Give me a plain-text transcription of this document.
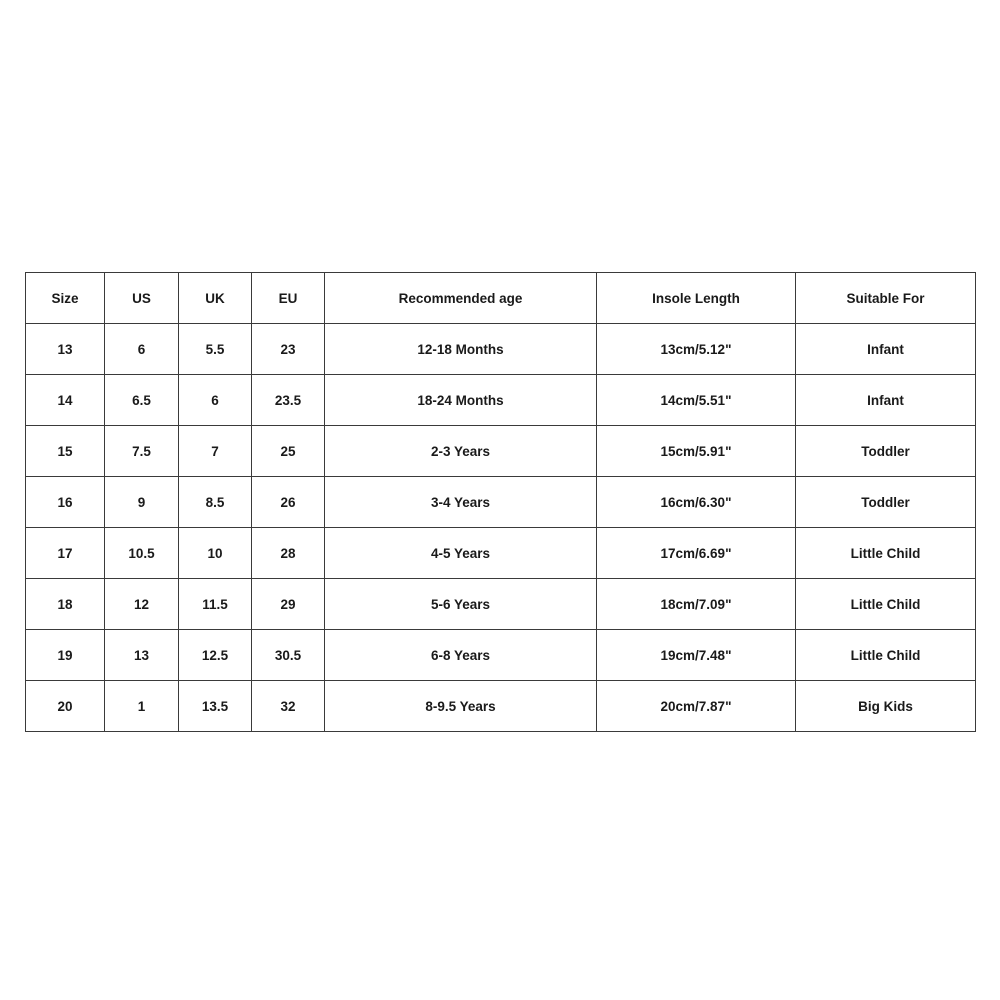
Size	US	UK	EU	Recommended age	Insole Length	Suitable For
13	6	5.5	23	12-18 Months	13cm/5.12"	Infant
14	6.5	6	23.5	18-24 Months	14cm/5.51"	Infant
15	7.5	7	25	2-3 Years	15cm/5.91"	Toddler
16	9	8.5	26	3-4 Years	16cm/6.30"	Toddler
17	10.5	10	28	4-5 Years	17cm/6.69"	Little Child
18	12	11.5	29	5-6 Years	18cm/7.09"	Little Child
19	13	12.5	30.5	6-8 Years	19cm/7.48"	Little Child
20	1	13.5	32	8-9.5 Years	20cm/7.87"	Big Kids
